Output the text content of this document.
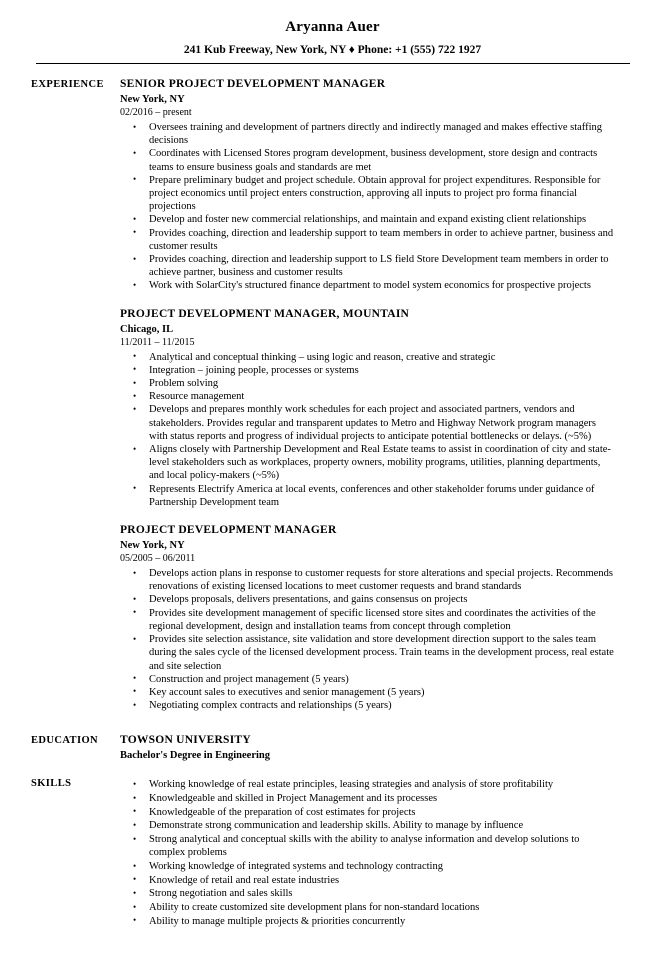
Aryanna Auer
241 Kub Freeway, New York, NY ♦ Phone: +1 (555) 722 1927
EXPERIENCE	SENIOR PROJECT DEVELOPMENT MANAGER
New York, NY
02/2016 – present
• Oversees training and development of partners directly and indirectly managed and makes effective staffing decisions
• Coordinates with Licensed Stores program development, business development, store design and contracts teams to ensure business goals and standards are met
• Prepare preliminary budget and project schedule. Obtain approval for project expenditures. Responsible for project economics until project enters construction, approving all inputs to project pro forma financial projections
• Develop and foster new commercial relationships, and maintain and expand existing client relationships
• Provides coaching, direction and leadership support to team members in order to achieve partner, business and customer results
• Provides coaching, direction and leadership support to LS field Store Development team members in order to achieve partner, business and customer results
• Work with SolarCity's structured finance department to model system economics for prospective projects
PROJECT DEVELOPMENT MANAGER, MOUNTAIN
Chicago, IL
11/2011 – 11/2015
• Analytical and conceptual thinking – using logic and reason, creative and strategic
• Integration – joining people, processes or systems
• Problem solving
• Resource management
• Develops and prepares monthly work schedules for each project and associated partners, vendors and stakeholders. Provides regular and transparent updates to Metro and Highway Network program managers with status reports and progress of individual projects to anticipate potential bottlenecks or delays. (~5%)
• Aligns closely with Partnership Development and Real Estate teams to assist in coordination of city and state-level stakeholders such as workplaces, property owners, mobility programs, utilities, planning departments, and local policy-makers (~5%)
• Represents Electrify America at local events, conferences and other stakeholder forums under guidance of Partnership Development team
PROJECT DEVELOPMENT MANAGER
New York, NY
05/2005 – 06/2011
• Develops action plans in response to customer requests for store alterations and special projects. Recommends renovations of existing licensed locations to meet customer requests and brand standards
• Develops proposals, delivers presentations, and gains consensus on projects
• Provides site development management of specific licensed store sites and coordinates the activities of the regional development, design and installation teams from concept through completion
• Provides site selection assistance, site validation and store development direction support to the sales team during the sales cycle of the licensed development process. Train teams in the development process, real estate and site selection
• Construction and project management (5 years)
• Key account sales to executives and senior management (5 years)
• Negotiating complex contracts and relationships (5 years)
EDUCATION	TOWSON UNIVERSITY
Bachelor's Degree in Engineering
SKILLS	• Working knowledge of real estate principles, leasing strategies and analysis of store profitability
• Knowledgeable and skilled in Project Management and its processes
• Knowledgeable of the preparation of cost estimates for projects
• Demonstrate strong communication and leadership skills. Ability to manage by influence
• Strong analytical and conceptual skills with the ability to analyse information and develop solutions to complex problems
• Working knowledge of integrated systems and technology contracting
• Knowledge of retail and real estate industries
• Strong negotiation and sales skills
• Ability to create customized site development plans for non-standard locations
• Ability to manage multiple projects & priorities concurrently
